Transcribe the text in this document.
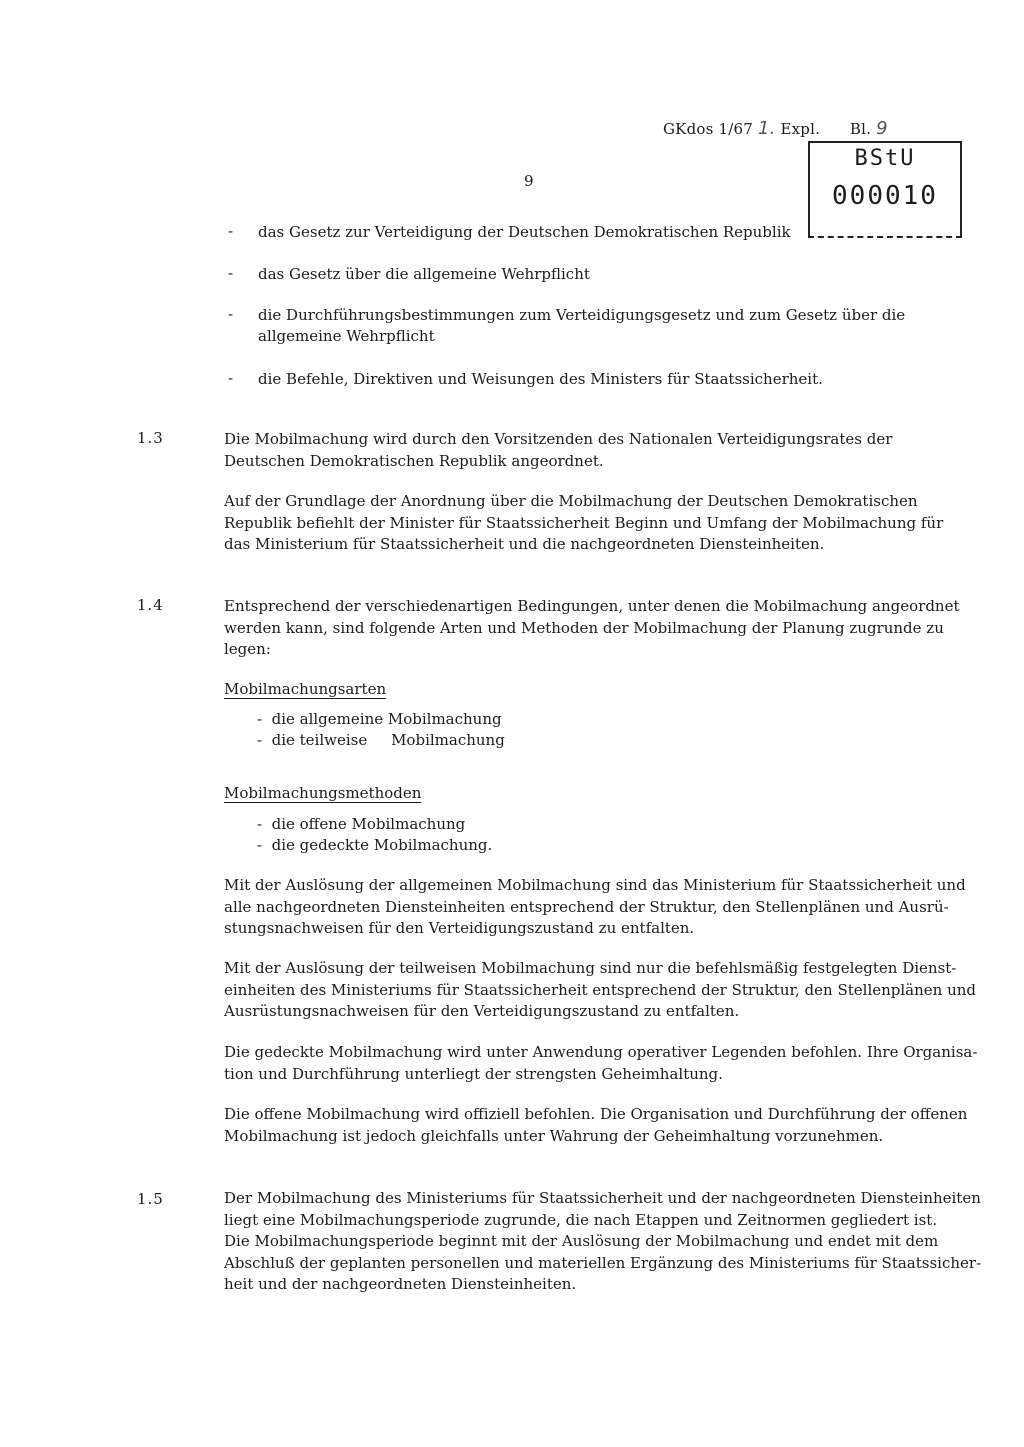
GKdos 1/67 1. Expl. Bl. 9
BStU
000010
9
- das Gesetz zur Verteidigung der Deutschen Demokratischen Republik
- das Gesetz über die allgemeine Wehrpflicht
- die Durchführungsbestimmungen zum Verteidigungsgesetz und zum Gesetz über die
allgemeine Wehrpflicht
- die Befehle, Direktiven und Weisungen des Ministers für Staatssicherheit.
1.3	Die Mobilmachung wird durch den Vorsitzenden des Nationalen Verteidigungsrates der
Deutschen Demokratischen Republik angeordnet.
Auf der Grundlage der Anordnung über die Mobilmachung der Deutschen Demokratischen
Republik befiehlt der Minister für Staatssicherheit Beginn und Umfang der Mobilmachung für
das Ministerium für Staatssicherheit und die nachgeordneten Diensteinheiten.
1.4	Entsprechend der verschiedenartigen Bedingungen, unter denen die Mobilmachung angeordnet
werden kann, sind folgende Arten und Methoden der Mobilmachung der Planung zugrunde zu
legen:
Mobilmachungsarten
-  die allgemeine Mobilmachung
-  die teilweise     Mobilmachung
Mobilmachungsmethoden
-  die offene Mobilmachung
-  die gedeckte Mobilmachung.
Mit der Auslösung der allgemeinen Mobilmachung sind das Ministerium für Staatssicherheit und
alle nachgeordneten Diensteinheiten entsprechend der Struktur, den Stellenplänen und Ausrü-
stungsnachweisen für den Verteidigungszustand zu entfalten.
Mit der Auslösung der teilweisen Mobilmachung sind nur die befehlsmäßig festgelegten Dienst-
einheiten des Ministeriums für Staatssicherheit entsprechend der Struktur, den Stellenplänen und
Ausrüstungsnachweisen für den Verteidigungszustand zu entfalten.
Die gedeckte Mobilmachung wird unter Anwendung operativer Legenden befohlen. Ihre Organisa-
tion und Durchführung unterliegt der strengsten Geheimhaltung.
Die offene Mobilmachung wird offiziell befohlen. Die Organisation und Durchführung der offenen
Mobilmachung ist jedoch gleichfalls unter Wahrung der Geheimhaltung vorzunehmen.
1.5	Der Mobilmachung des Ministeriums für Staatssicherheit und der nachgeordneten Diensteinheiten
liegt eine Mobilmachungsperiode zugrunde, die nach Etappen und Zeitnormen gegliedert ist.
Die Mobilmachungsperiode beginnt mit der Auslösung der Mobilmachung und endet mit dem
Abschluß der geplanten personellen und materiellen Ergänzung des Ministeriums für Staatssicher-
heit und der nachgeordneten Diensteinheiten.
